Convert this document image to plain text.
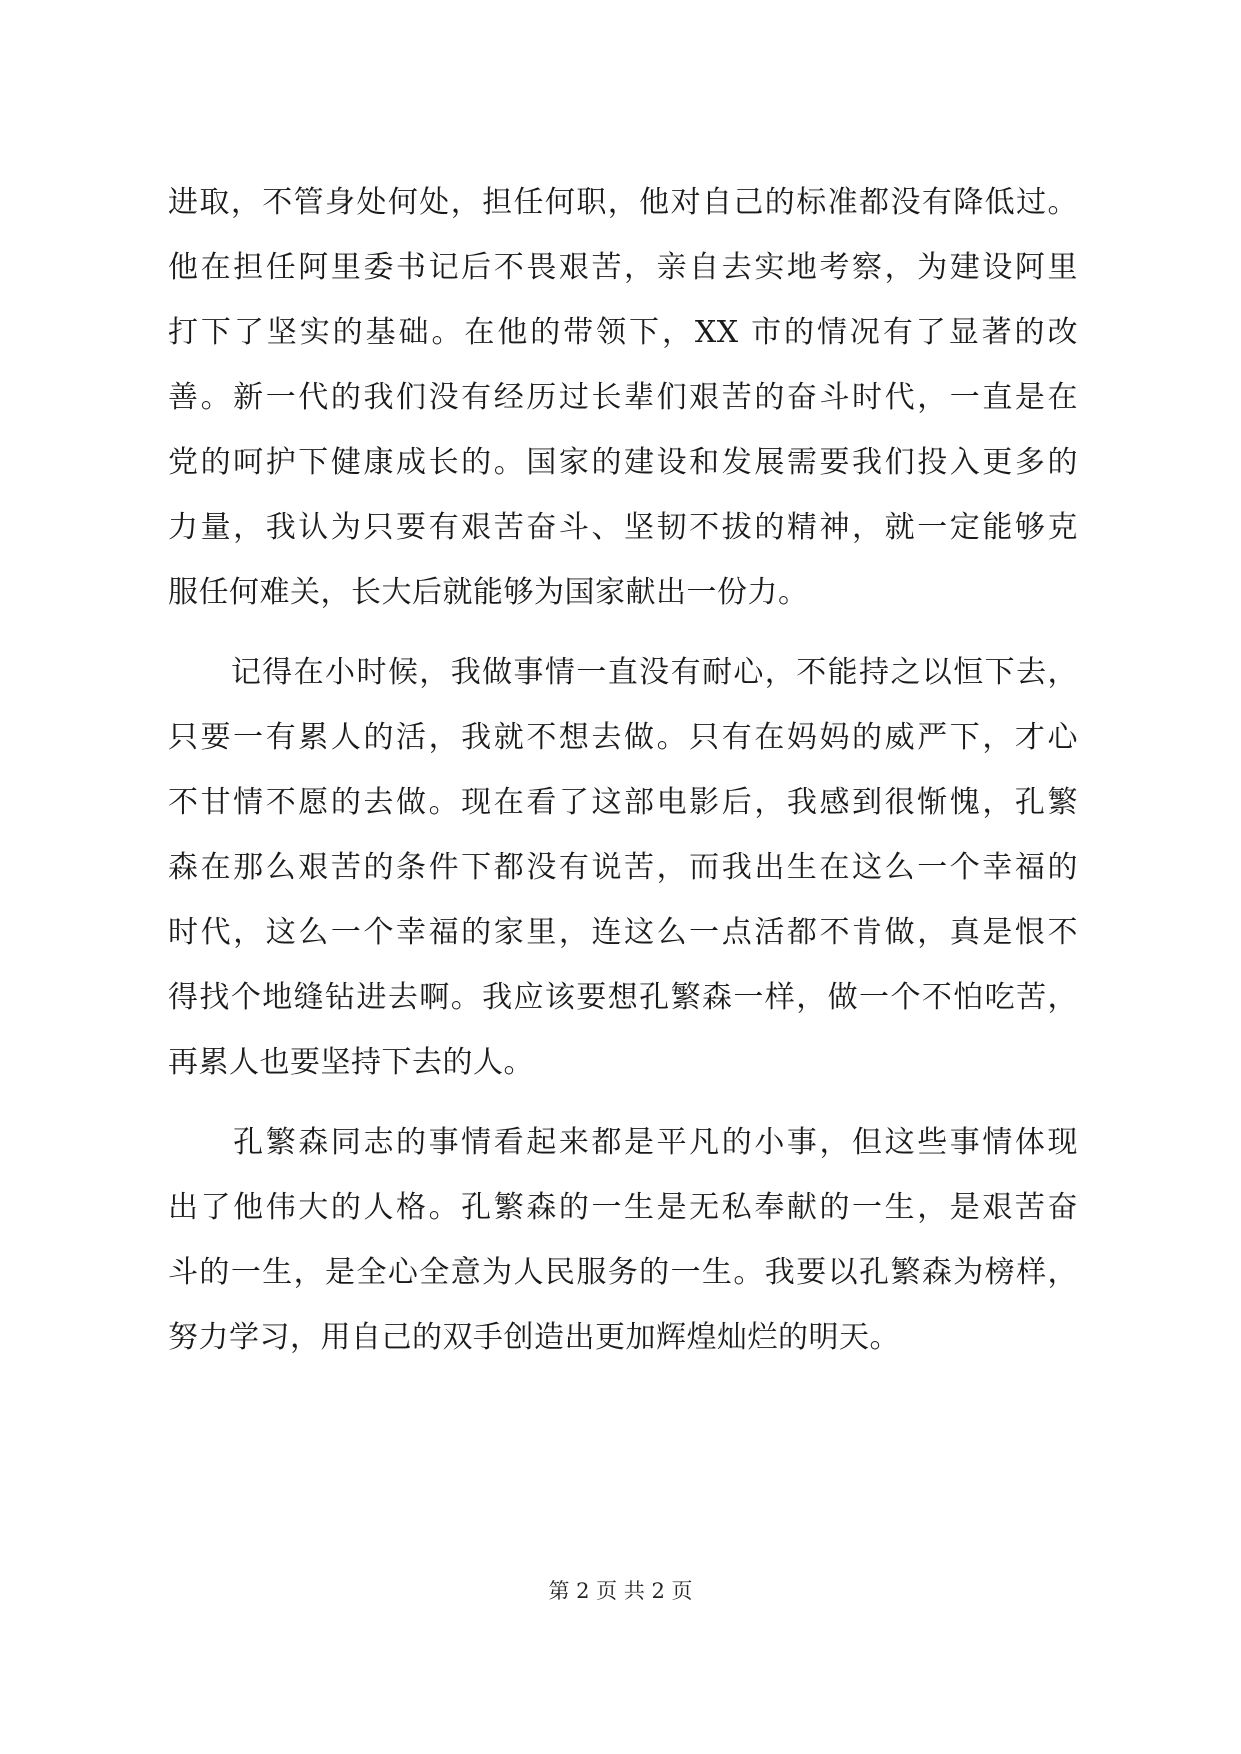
进取，不管身处何处，担任何职，他对自己的标准都没有降低过。
他在担任阿里委书记后不畏艰苦，亲自去实地考察，为建设阿里
打下了坚实的基础。在他的带领下，XX 市的情况有了显著的改
善。新一代的我们没有经历过长辈们艰苦的奋斗时代，一直是在
党的呵护下健康成长的。国家的建设和发展需要我们投入更多的
力量，我认为只要有艰苦奋斗、坚韧不拔的精神，就一定能够克
服任何难关，长大后就能够为国家献出一份力。
　　记得在小时候，我做事情一直没有耐心，不能持之以恒下去，
只要一有累人的活，我就不想去做。只有在妈妈的威严下，才心
不甘情不愿的去做。现在看了这部电影后，我感到很惭愧，孔繁
森在那么艰苦的条件下都没有说苦，而我出生在这么一个幸福的
时代，这么一个幸福的家里，连这么一点活都不肯做，真是恨不
得找个地缝钻进去啊。我应该要想孔繁森一样，做一个不怕吃苦，
再累人也要坚持下去的人。
　　孔繁森同志的事情看起来都是平凡的小事，但这些事情体现
出了他伟大的人格。孔繁森的一生是无私奉献的一生，是艰苦奋
斗的一生，是全心全意为人民服务的一生。我要以孔繁森为榜样，
努力学习，用自己的双手创造出更加辉煌灿烂的明天。
第 2 页 共 2 页
